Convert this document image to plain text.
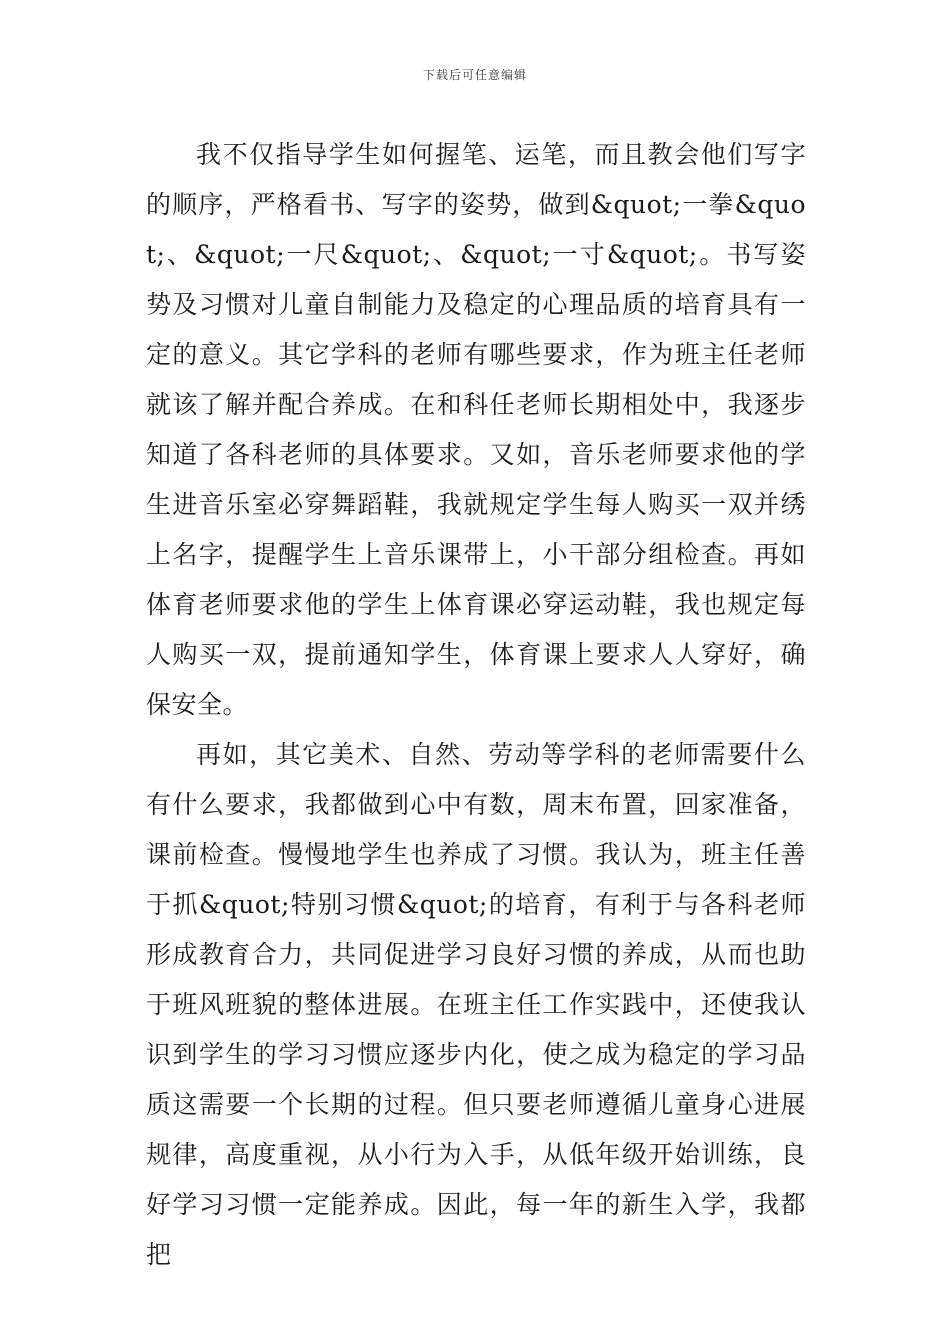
下载后可任意编辑

我不仅指导学生如何握笔、运笔，而且教会他们写字的顺序，严格看书、写字的姿势，做到&quot;一拳&quot;、&quot;一尺&quot;、&quot;一寸&quot;。书写姿势及习惯对儿童自制能力及稳定的心理品质的培育具有一定的意义。其它学科的老师有哪些要求，作为班主任老师就该了解并配合养成。在和科任老师长期相处中，我逐步知道了各科老师的具体要求。又如，音乐老师要求他的学生进音乐室必穿舞蹈鞋，我就规定学生每人购买一双并绣上名字，提醒学生上音乐课带上，小干部分组检查。再如体育老师要求他的学生上体育课必穿运动鞋，我也规定每人购买一双，提前通知学生，体育课上要求人人穿好，确保安全。

再如，其它美术、自然、劳动等学科的老师需要什么有什么要求，我都做到心中有数，周末布置，回家准备，课前检查。慢慢地学生也养成了习惯。我认为，班主任善于抓&quot;特别习惯&quot;的培育，有利于与各科老师形成教育合力，共同促进学习良好习惯的养成，从而也助于班风班貌的整体进展。在班主任工作实践中，还使我认识到学生的学习习惯应逐步内化，使之成为稳定的学习品质这需要一个长期的过程。但只要老师遵循儿童身心进展规律，高度重视，从小行为入手，从低年级开始训练，良好学习习惯一定能养成。因此，每一年的新生入学，我都把
